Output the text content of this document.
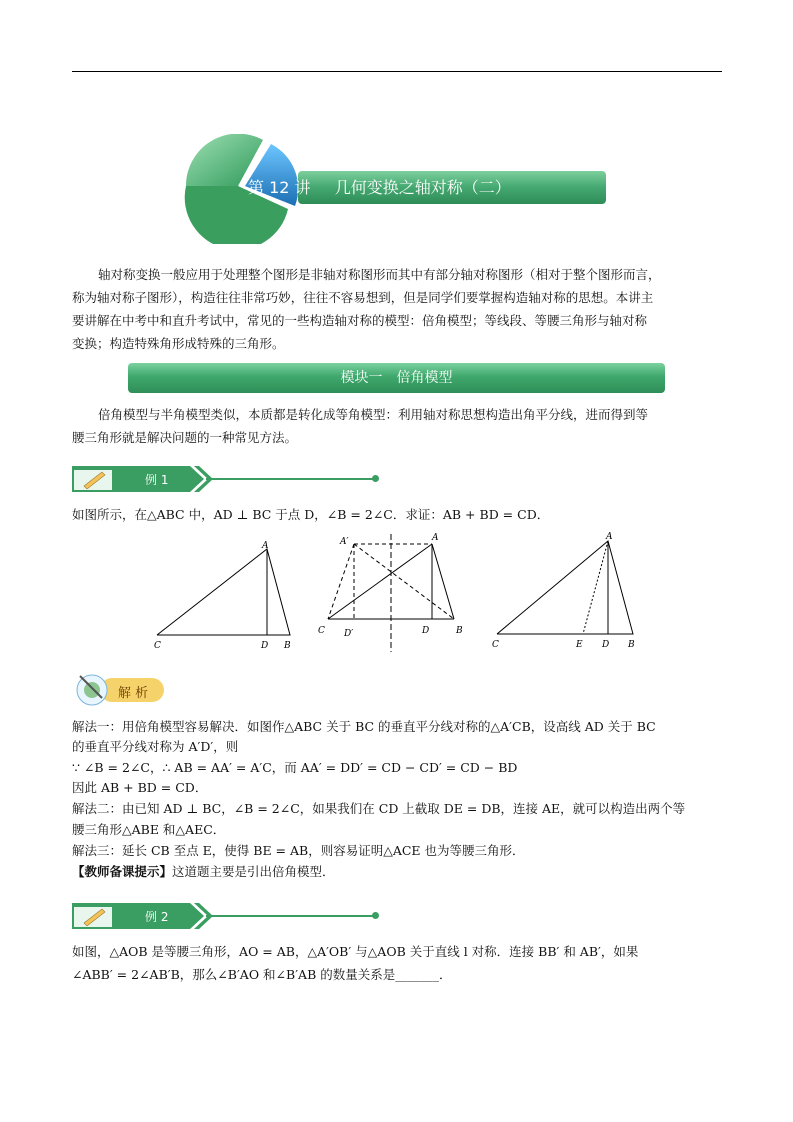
第 12 讲 几何变换之轴对称（二）
轴对称变换一般应用于处理整个图形是非轴对称图形而其中有部分轴对称图形（相对于整个图形而言，
称为轴对称子图形），构造往往非常巧妙，往往不容易想到，但是同学们要掌握构造轴对称的思想。本讲主
要讲解在中考中和直升考试中，常见的一些构造轴对称的模型：倍角模型；等线段、等腰三角形与轴对称
变换；构造特殊角形成特殊的三角形。
模块一　倍角模型
倍角模型与半角模型类似，本质都是转化成等角模型：利用轴对称思想构造出角平分线，进而得到等
腰三角形就是解决问题的一种常见方法。
例 1
如图所示，在△ABC 中，AD ⊥ BC 于点 D，∠B = 2∠C．求证：AB + BD = CD．
A
C	D B
A′	A
C D′	D	B
A
C	E D B
解 析
解法一：用倍角模型容易解决．如图作△ABC 关于 BC 的垂直平分线对称的△A′CB，设高线 AD 关于 BC
的垂直平分线对称为 A′D′，则
∵ ∠B = 2∠C，∴ AB = AA′ = A′C，而 AA′ = DD′ = CD − CD′ = CD − BD
因此 AB + BD = CD．
解法二：由已知 AD ⊥ BC，∠B = 2∠C，如果我们在 CD 上截取 DE = DB，连接 AE，就可以构造出两个等
腰三角形△ABE 和△AEC．
解法三：延长 CB 至点 E，使得 BE = AB，则容易证明△ACE 也为等腰三角形．
【教师备课提示】这道题主要是引出倍角模型．
例 2
如图，△AOB 是等腰三角形，AO = AB，△A′OB′ 与△AOB 关于直线 l 对称．连接 BB′ 和 AB′，如果
∠ABB′ = 2∠AB′B，那么∠B′AO 和∠B′AB 的数量关系是_______．
